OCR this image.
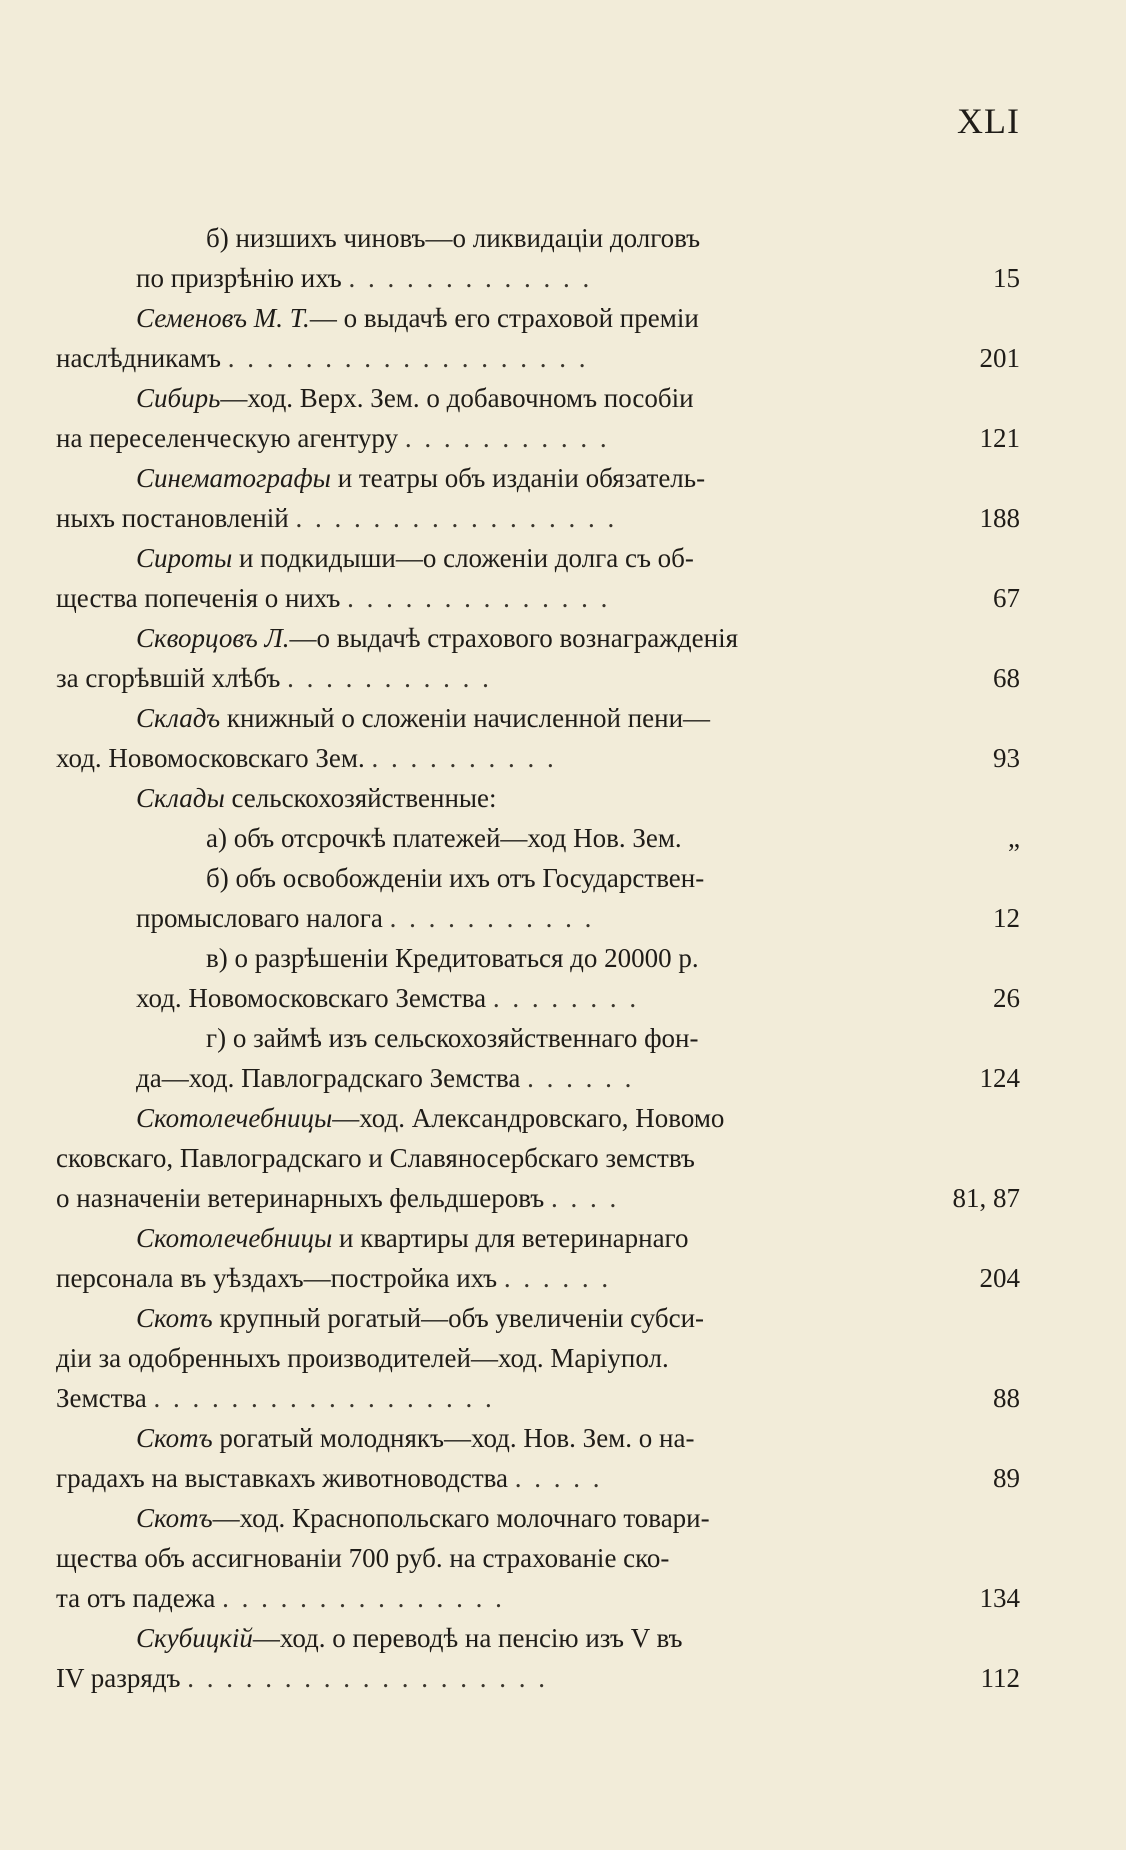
XLI
б) низшихъ чиновъ—о ликвидаціи долговъ
по призрѣнію ихъ . . . . . . . . . . . . .	15
Семеновъ М. Т.— о выдачѣ его страховой преміи
наслѣдникамъ . . . . . . . . . . . . . . . . . . .	201
Сибирь—ход. Верх. Зем. о добавочномъ пособіи
на переселенческую агентуру . . . . . . . . . . .	121
Синематографы и театры объ изданіи обязатель-
ныхъ постановленій . . . . . . . . . . . . . . . . .	188
Сироты и подкидыши—о сложеніи долга съ об-
щества попеченія о нихъ . . . . . . . . . . . . . .	67
Скворцовъ Л.—о выдачѣ страхового вознагражденія
за сгорѣвшій хлѣбъ . . . . . . . . . . .	68
Складъ книжный о сложеніи начисленной пени—
ход. Новомосковскаго Зем. . . . . . . . . . .	93
Склады сельскохозяйственные:
а) объ отсрочкѣ платежей—ход Нов. Зем.	„
б) объ освобожденіи ихъ отъ Государствен-
промысловаго налога . . . . . . . . . . .	12
в) о разрѣшеніи Кредитоваться до 20000 р.
ход. Новомосковскаго Земства . . . . . . . .	26
г) о займѣ изъ сельскохозяйственнаго фон-
да—ход. Павлоградскаго Земства . . . . . .	124
Скотолечебницы—ход. Александровскаго, Новомо
сковскаго, Павлоградскаго и Славяносербскаго земствъ
о назначеніи ветеринарныхъ фельдшеровъ . . . .	81, 87
Скотолечебницы и квартиры для ветеринарнаго
персонала въ уѣздахъ—постройка ихъ . . . . . .	204
Скотъ крупный рогатый—объ увеличеніи субси-
діи за одобренныхъ производителей—ход. Маріупол.
Земства . . . . . . . . . . . . . . . . . .	88
Скотъ рогатый молоднякъ—ход. Нов. Зем. о на-
градахъ на выставкахъ животноводства . . . . .	89
Скотъ—ход. Краснопольскаго молочнаго товари-
щества объ ассигнованіи 700 руб. на страхованіе ско-
та отъ падежа . . . . . . . . . . . . . . .	134
Скубицкій—ход. о переводѣ на пенсію изъ V въ
IV разрядъ . . . . . . . . . . . . . . . . . . .	112
